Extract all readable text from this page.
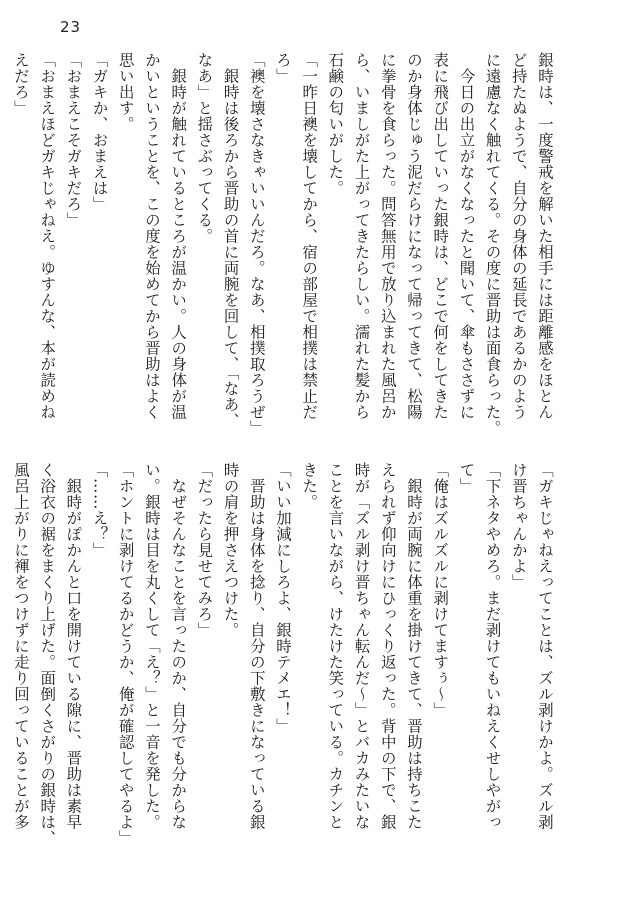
23
銀時は、一度警戒を解いた相手には距離感をほとん
ど持たぬようで、自分の身体の延長であるかのよう
に遠慮なく触れてくる。その度に晋助は面食らった。
　今日の出立がなくなったと聞いて、傘もささずに
表に飛び出していった銀時は、どこで何をしてきた
のか身体じゅう泥だらけになって帰ってきて、松陽
に拳骨を食らった。問答無用で放り込まれた風呂か
ら、いましがた上がってきたらしい。濡れた髪から
石鹸の匂いがした。
「一昨日襖を壊してから、宿の部屋で相撲は禁止だ
ろ」
「襖を壊さなきゃいいんだろ。なあ、相撲取ろうぜ」
　銀時は後ろから晋助の首に両腕を回して、「なあ、
なあ」と揺さぶってくる。
　銀時が触れているところが温かい。人の身体が温
かいということを、この度を始めてから晋助はよく
思い出す。
「ガキか、おまえは」
「おまえこそガキだろ」
「おまえほどガキじゃねえ。ゆすんな、本が読めね
えだろ」
「ガキじゃねえってことは、ズル剥けかよ。ズル剥
け晋ちゃんかよ」
「下ネタやめろ。まだ剥けてもいねえくせしやがっ
て」
「俺はズルズルに剥けてますぅ〜」
　銀時が両腕に体重を掛けてきて、晋助は持ちこた
えられず仰向けにひっくり返った。背中の下で、銀
時が「ズル剥け晋ちゃん転んだ〜」とバカみたいな
ことを言いながら、けたけた笑っている。カチンと
きた。
「いい加減にしろよ、銀時テメエ！」
　晋助は身体を捻り、自分の下敷きになっている銀
時の肩を押さえつけた。
「だったら見せてみろ」
　なぜそんなことを言ったのか、自分でも分からな
い。銀時は目を丸くして「え？」と一音を発した。
「ホントに剥けてるかどうか、俺が確認してやるよ」
「……え？」
　銀時がぽかんと口を開けている隙に、晋助は素早
く浴衣の裾をまくり上げた。面倒くさがりの銀時は、
風呂上がりに褌をつけずに走り回っていることが多
